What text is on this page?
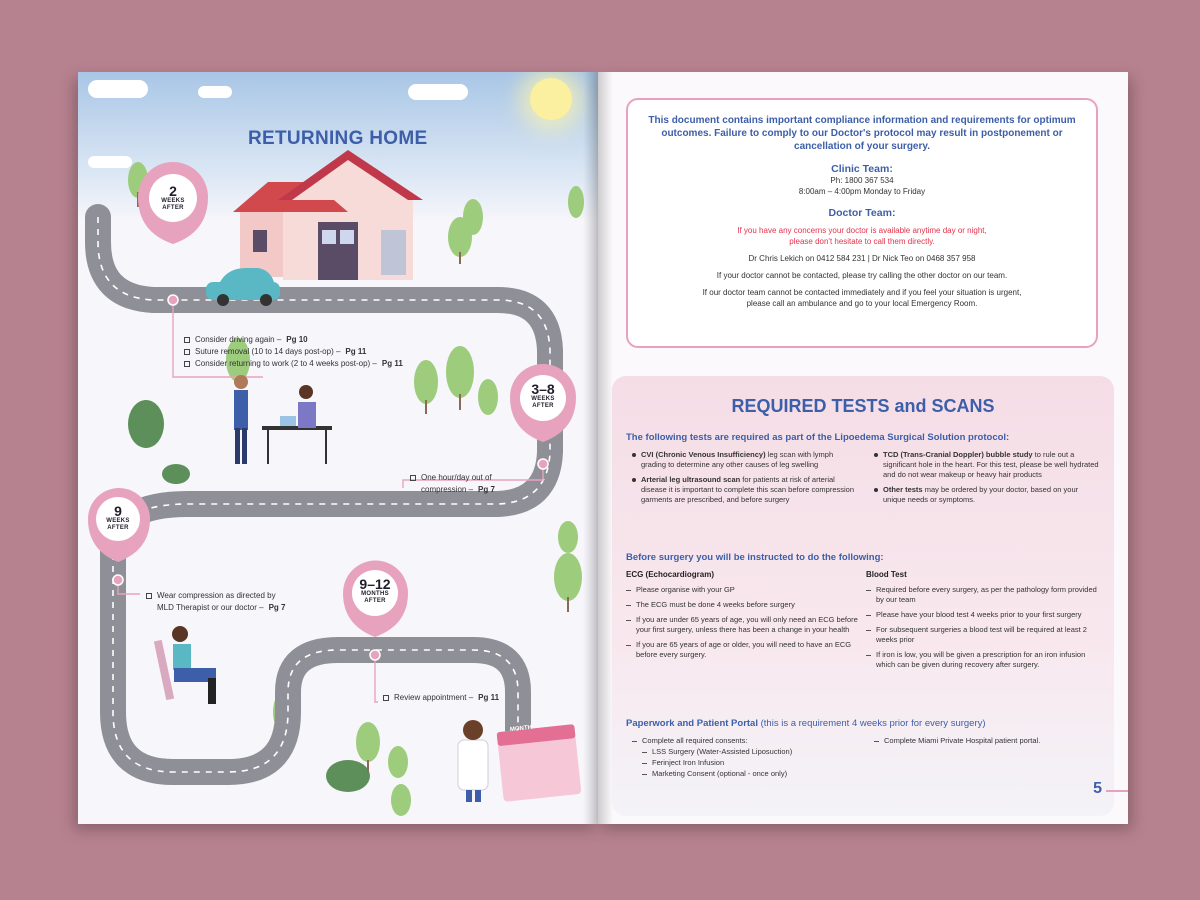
RETURNING HOME
MONTH
2
WEEKS
AFTER
3–8
WEEKS
AFTER
9
WEEKS
AFTER
9–12
MONTHS
AFTER
Consider driving again – Pg 10
Suture removal (10 to 14 days post-op) – Pg 11
Consider returning to work (2 to 4 weeks post-op) – Pg 11
One hour/day out of
compression – Pg 7
Wear compression as directed by
MLD Therapist or our doctor – Pg 7
Review appointment – Pg 11
This document contains important compliance information and requirements for optimum outcomes. Failure to comply to our Doctor's protocol may result in postponement or cancellation of your surgery.
Clinic Team:
Ph: 1800 367 534
8:00am – 4:00pm Monday to Friday
Doctor Team:
If you have any concerns your doctor is available anytime day or night,
please don't hesitate to call them directly.
Dr Chris Lekich on 0412 584 231 | Dr Nick Teo on 0468 357 958
If your doctor cannot be contacted, please try calling the other doctor on our team.
If our doctor team cannot be contacted immediately and if you feel your situation is urgent,
please call an ambulance and go to your local Emergency Room.
REQUIRED TESTS and SCANS
The following tests are required as part of the Lipoedema Surgical Solution protocol:
CVI (Chronic Venous Insufficiency) leg scan with lymph grading to determine any other causes of leg swelling
Arterial leg ultrasound scan for patients at risk of arterial disease it is important to complete this scan before compression garments are prescribed, and before surgery
TCD (Trans-Cranial Doppler) bubble study to rule out a significant hole in the heart. For this test, please be well hydrated and do not wear makeup or heavy hair products
Other tests may be ordered by your doctor, based on your unique needs or symptoms.
Before surgery you will be instructed to do the following:
ECG (Echocardiogram)
Please organise with your GP
The ECG must be done 4 weeks before surgery
If you are under 65 years of age, you will only need an ECG before your first surgery, unless there has been a change in your health
If you are 65 years of age or older, you will need to have an ECG before every surgery.
Blood Test
Required before every surgery, as per the pathology form provided by our team
Please have your blood test 4 weeks prior to your first surgery
For subsequent surgeries a blood test will be required at least 2 weeks prior
If iron is low, you will be given a prescription for an iron infusion which can be given during recovery after surgery.
Paperwork and Patient Portal (this is a requirement 4 weeks prior for every surgery)
Complete all required consents:
LSS Surgery (Water-Assisted Liposuction)
Ferinject Iron Infusion
Marketing Consent (optional - once only)
Complete Miami Private Hospital patient portal.
5
